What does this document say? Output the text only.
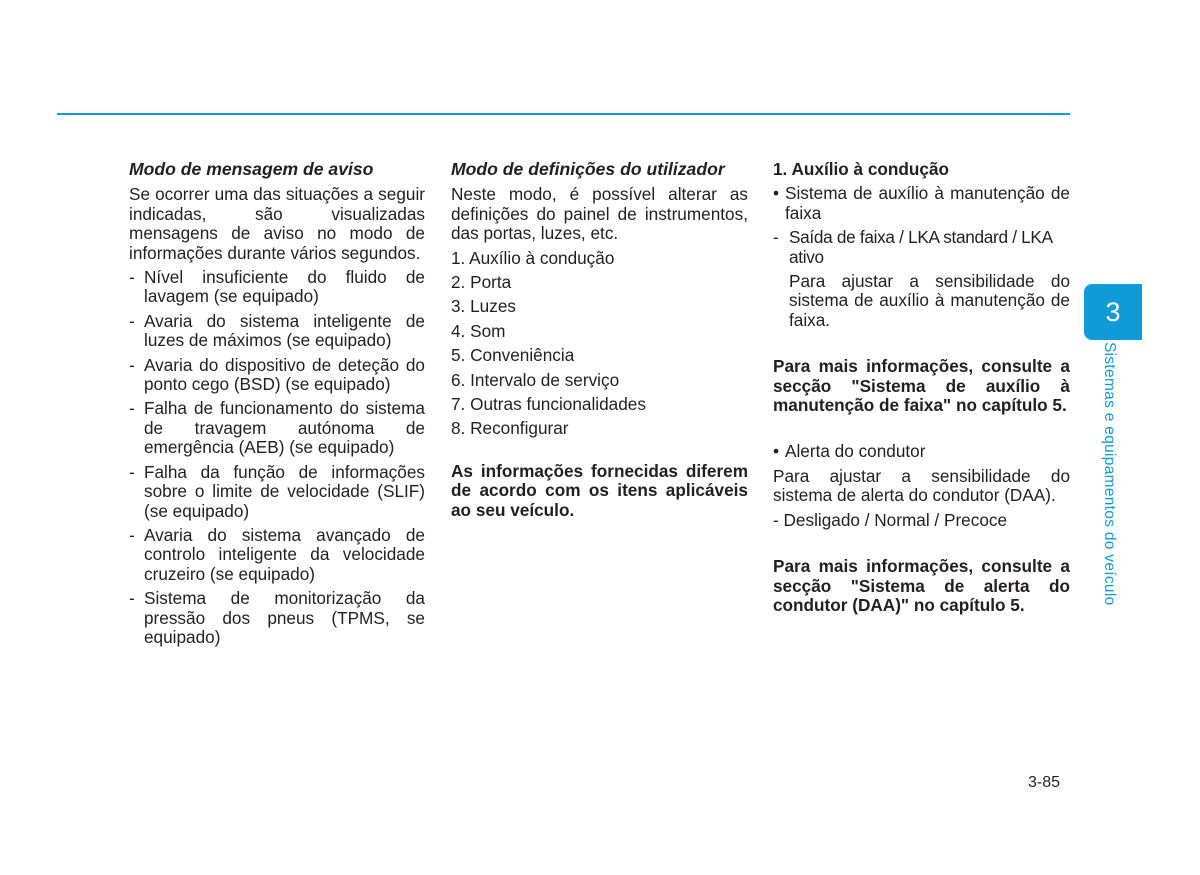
Modo de mensagem de aviso
Se ocorrer uma das situações a seguir indicadas, são visualizadas mensagens de aviso no modo de informações durante vários segundos.
- Nível insuficiente do fluido de lavagem (se equipado)
- Avaria do sistema inteligente de luzes de máximos (se equipado)
- Avaria do dispositivo de deteção do ponto cego (BSD) (se equipado)
- Falha de funcionamento do sistema de travagem autónoma de emergência (AEB) (se equipado)
- Falha da função de informações sobre o limite de velocidade (SLIF) (se equipado)
- Avaria do sistema avançado de controlo inteligente da velocidade cruzeiro (se equipado)
- Sistema de monitorização da pressão dos pneus (TPMS, se equipado)
Modo de definições do utilizador
Neste modo, é possível alterar as definições do painel de instrumentos, das portas, luzes, etc.
1. Auxílio à condução
2. Porta
3. Luzes
4. Som
5. Conveniência
6. Intervalo de serviço
7. Outras funcionalidades
8. Reconfigurar
As informações fornecidas diferem de acordo com os itens aplicáveis ao seu veículo.
1. Auxílio à condução
• Sistema de auxílio à manutenção de faixa
- Saída de faixa / LKA standard / LKA ativo
Para ajustar a sensibilidade do sistema de auxílio à manutenção de faixa.
Para mais informações, consulte a secção "Sistema de auxílio à manutenção de faixa" no capítulo 5.
• Alerta do condutor
Para ajustar a sensibilidade do sistema de alerta do condutor (DAA).
- Desligado / Normal / Precoce
Para mais informações, consulte a secção "Sistema de alerta do condutor (DAA)" no capítulo 5.
3
Sistemas e equipamentos do veículo
3-85
